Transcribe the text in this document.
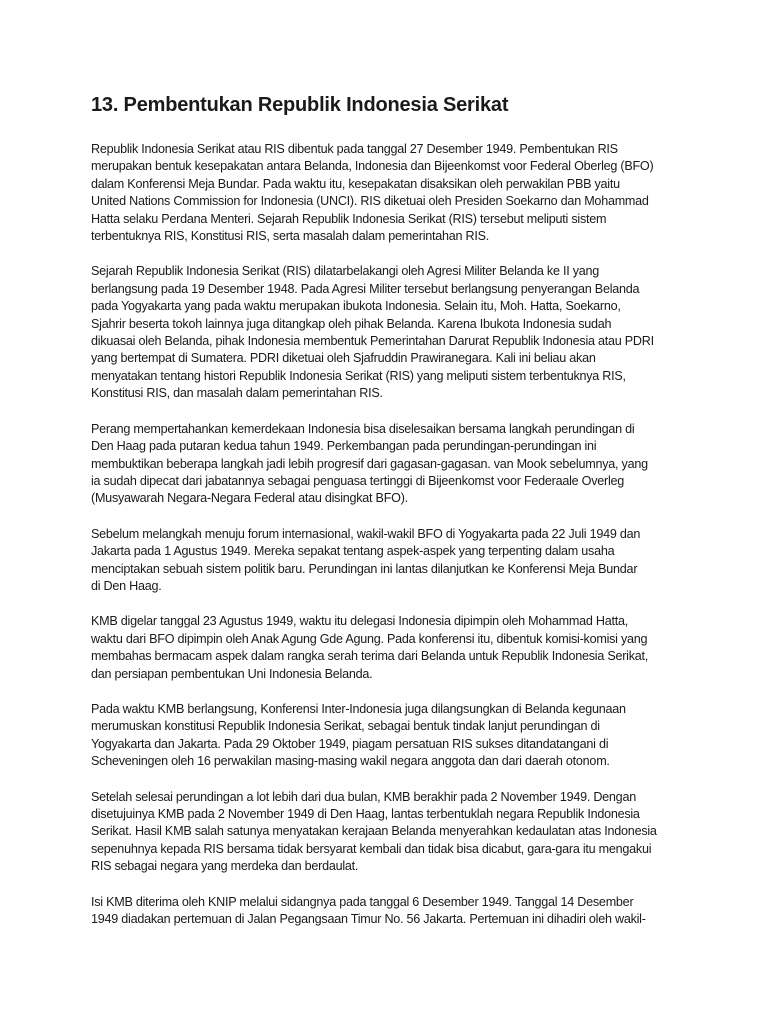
13. Pembentukan Republik Indonesia Serikat

Republik Indonesia Serikat atau RIS dibentuk pada tanggal 27 Desember 1949. Pembentukan RIS
merupakan bentuk kesepakatan antara Belanda, Indonesia dan Bijeenkomst voor Federal Oberleg (BFO)
dalam Konferensi Meja Bundar. Pada waktu itu, kesepakatan disaksikan oleh perwakilan PBB yaitu
United Nations Commission for Indonesia (UNCI). RIS diketuai oleh Presiden Soekarno dan Mohammad
Hatta selaku Perdana Menteri. Sejarah Republik Indonesia Serikat (RIS) tersebut meliputi sistem
terbentuknya RIS, Konstitusi RIS, serta masalah dalam pemerintahan RIS.

Sejarah Republik Indonesia Serikat (RIS) dilatarbelakangi oleh Agresi Militer Belanda ke II yang
berlangsung pada 19 Desember 1948. Pada Agresi Militer tersebut berlangsung penyerangan Belanda
pada Yogyakarta yang pada waktu merupakan ibukota Indonesia. Selain itu, Moh. Hatta, Soekarno,
Sjahrir beserta tokoh lainnya juga ditangkap oleh pihak Belanda. Karena Ibukota Indonesia sudah
dikuasai oleh Belanda, pihak Indonesia membentuk Pemerintahan Darurat Republik Indonesia atau PDRI
yang bertempat di Sumatera. PDRI diketuai oleh Sjafruddin Prawiranegara. Kali ini beliau akan
menyatakan tentang histori Republik Indonesia Serikat (RIS) yang meliputi sistem terbentuknya RIS,
Konstitusi RIS, dan masalah dalam pemerintahan RIS.

Perang mempertahankan kemerdekaan Indonesia bisa diselesaikan bersama langkah perundingan di
Den Haag pada putaran kedua tahun 1949. Perkembangan pada perundingan-perundingan ini
membuktikan beberapa langkah jadi lebih progresif dari gagasan-gagasan. van Mook sebelumnya, yang
ia sudah dipecat dari jabatannya sebagai penguasa tertinggi di Bijeenkomst voor Federaale Overleg
(Musyawarah Negara-Negara Federal atau disingkat BFO).

Sebelum melangkah menuju forum internasional, wakil-wakil BFO di Yogyakarta pada 22 Juli 1949 dan
Jakarta pada 1 Agustus 1949. Mereka sepakat tentang aspek-aspek yang terpenting dalam usaha
menciptakan sebuah sistem politik baru. Perundingan ini lantas dilanjutkan ke Konferensi Meja Bundar
di Den Haag.

KMB digelar tanggal 23 Agustus 1949, waktu itu delegasi Indonesia dipimpin oleh Mohammad Hatta,
waktu dari BFO dipimpin oleh Anak Agung Gde Agung. Pada konferensi itu, dibentuk komisi-komisi yang
membahas bermacam aspek dalam rangka serah terima dari Belanda untuk Republik Indonesia Serikat,
dan persiapan pembentukan Uni Indonesia Belanda.

Pada waktu KMB berlangsung, Konferensi Inter-Indonesia juga dilangsungkan di Belanda kegunaan
merumuskan konstitusi Republik Indonesia Serikat, sebagai bentuk tindak lanjut perundingan di
Yogyakarta dan Jakarta. Pada 29 Oktober 1949, piagam persatuan RIS sukses ditandatangani di
Scheveningen oleh 16 perwakilan masing-masing wakil negara anggota dan dari daerah otonom.

Setelah selesai perundingan a lot lebih dari dua bulan, KMB berakhir pada 2 November 1949. Dengan
disetujuinya KMB pada 2 November 1949 di Den Haag, lantas terbentuklah negara Republik Indonesia
Serikat. Hasil KMB salah satunya menyatakan kerajaan Belanda menyerahkan kedaulatan atas Indonesia
sepenuhnya kepada RIS bersama tidak bersyarat kembali dan tidak bisa dicabut, gara-gara itu mengakui
RIS sebagai negara yang merdeka dan berdaulat.

Isi KMB diterima oleh KNIP melalui sidangnya pada tanggal 6 Desember 1949. Tanggal 14 Desember
1949 diadakan pertemuan di Jalan Pegangsaan Timur No. 56 Jakarta. Pertemuan ini dihadiri oleh wakil-
